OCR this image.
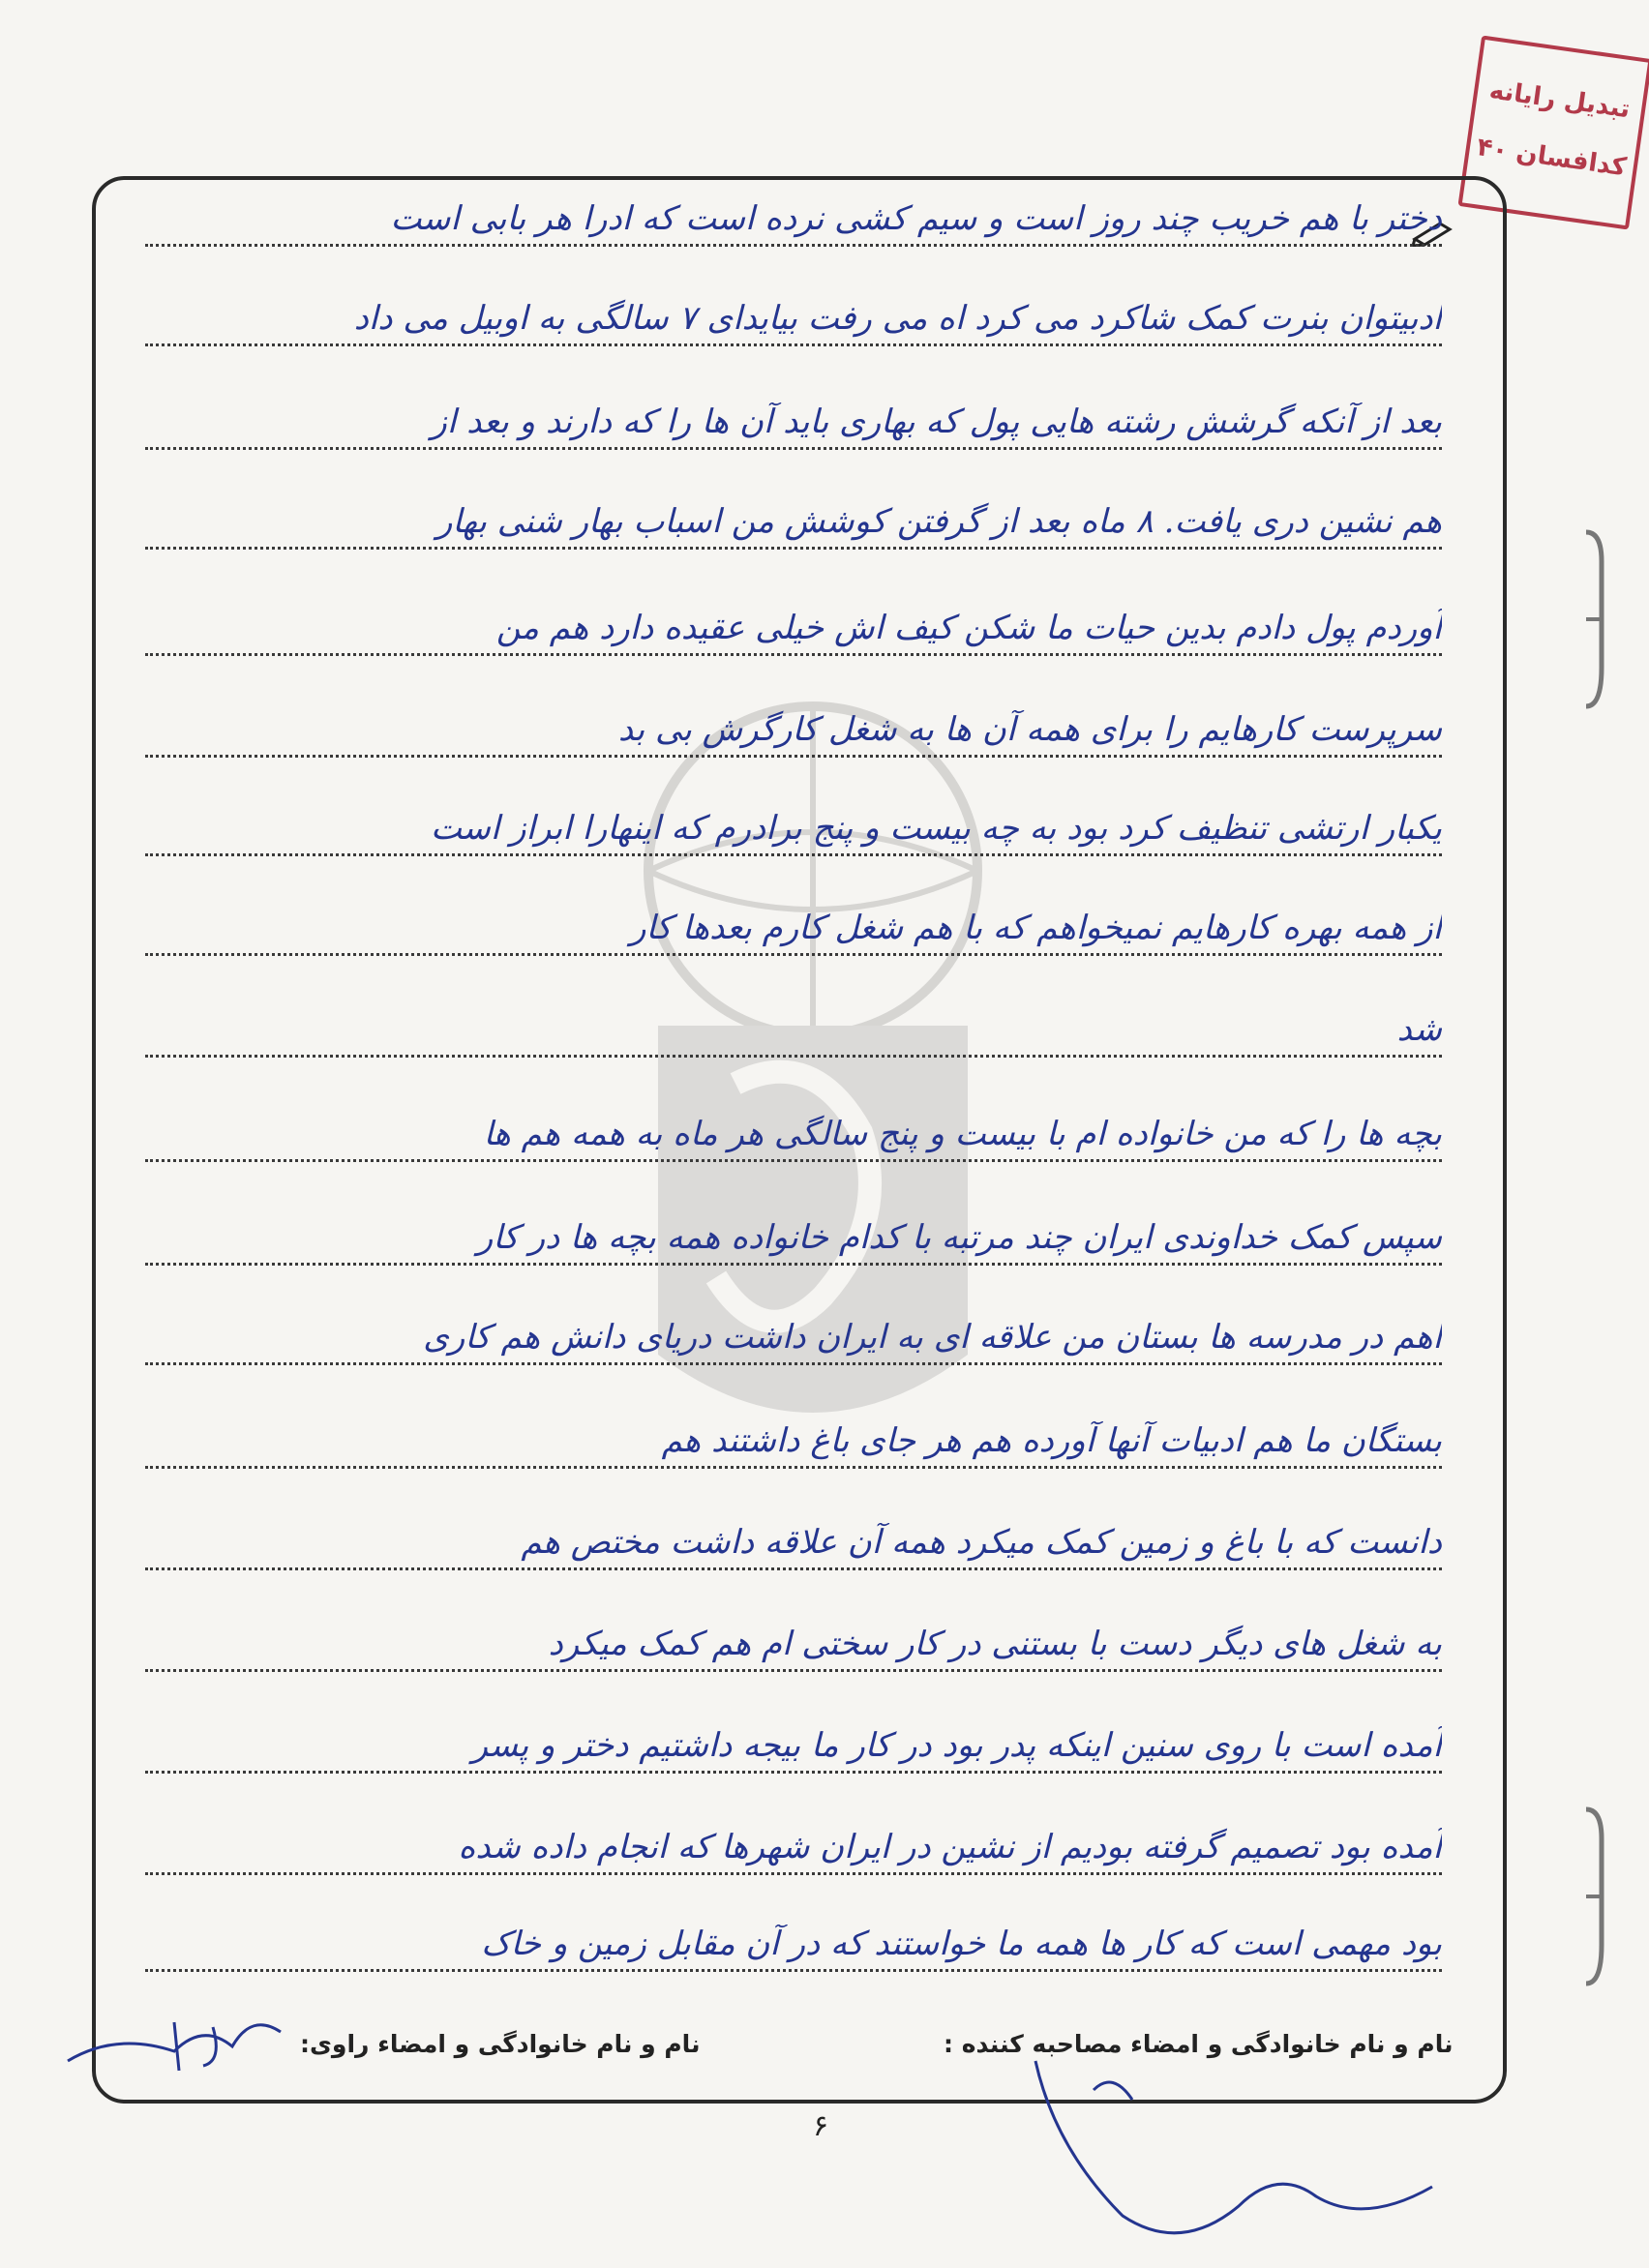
تبدیل رایانه
کدافسان ۴۰
دختر با هم خریب چند روز است و سیم کشی نرده است که ادرا هر بابی است
ادبیتوان بنرت کمک شاکرد می کرد اه می رفت بیایدای ۷ سالگی به اوبیل می داد
بعد از آنکه گرشش رشته هایی پول که بهاری باید آن ها را که دارند و بعد از
هم نشین دری یافت. ۸ ماه بعد از گرفتن کوشش من اسباب بهار شنی بهار
آوردم پول دادم بدین حیات ما شکن کیف اش خیلی عقیده دارد هم من
سرپرست کارهایم را برای همه آن ها به شغل کارگرش بی بد
یکبار ارتشی تنظیف کرد بود به چه بیست و پنج برادرم که اینهارا ابراز است
از همه بهره کارهایم نمیخواهم که با هم شغل کارم بعدها کار
شد
بچه ها را که من خانواده ام با بیست و پنج سالگی هر ماه به همه هم ها
سپس کمک خداوندی ایران چند مرتبه با کدام خانواده همه بچه ها در کار
اهم در مدرسه ها بستان من علاقه ای به ایران داشت دریای دانش هم کاری
بستگان ما هم ادبیات آنها آورده هم هر جای باغ داشتند هم
دانست که با باغ و زمین کمک میکرد همه آن علاقه داشت مختص هم
به شغل های دیگر دست با بستنی در کار سختی ام هم کمک میکرد
آمده است با روی سنین اینکه پدر بود در کار ما بیجه داشتیم دختر و پسر
آمده بود تصمیم گرفته بودیم از نشین در ایران شهرها که انجام داده شده
بود مهمی است که کار ها همه ما خواستند که در آن مقابل زمین و خاک
نام و نام خانوادگی و امضاء مصاحبه کننده :
نام و نام خانوادگی و امضاء راوی:
۶
